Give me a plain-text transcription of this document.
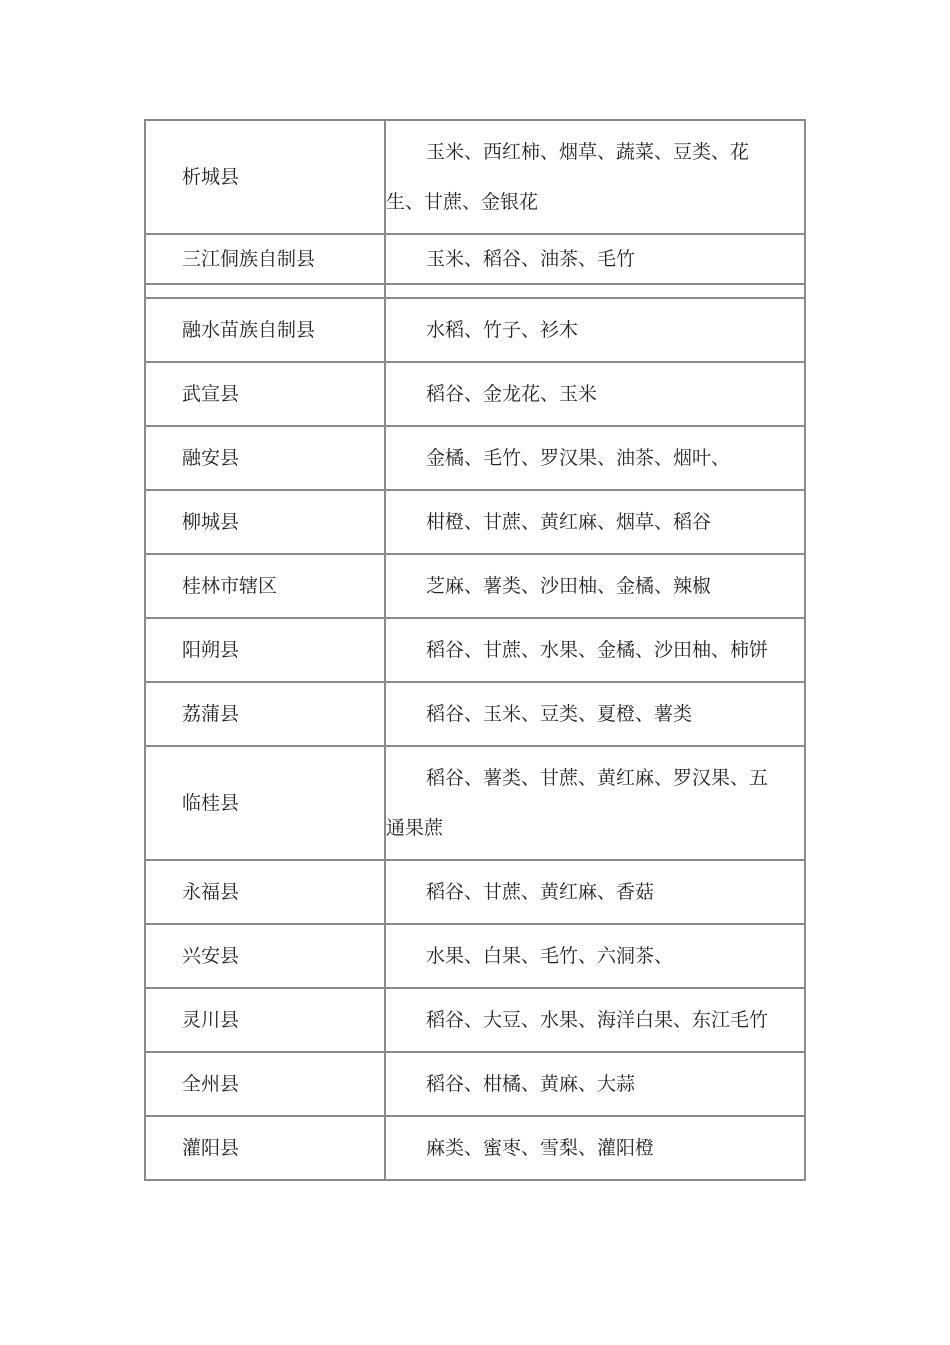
析城县	玉米、西红柿、烟草、蔬菜、豆类、花生、甘蔗、金银花

三江侗族自制县	玉米、稻谷、油茶、毛竹

融水苗族自制县	水稻、竹子、衫木

武宣县	稻谷、金龙花、玉米

融安县	金橘、毛竹、罗汉果、油茶、烟叶、

柳城县	柑橙、甘蔗、黄红麻、烟草、稻谷

桂林市辖区	芝麻、薯类、沙田柚、金橘、辣椒

阳朔县	稻谷、甘蔗、水果、金橘、沙田柚、柿饼

荔蒲县	稻谷、玉米、豆类、夏橙、薯类

临桂县	稻谷、薯类、甘蔗、黄红麻、罗汉果、五通果蔗

永福县	稻谷、甘蔗、黄红麻、香菇

兴安县	水果、白果、毛竹、六洞茶、

灵川县	稻谷、大豆、水果、海洋白果、东江毛竹

全州县	稻谷、柑橘、黄麻、大蒜

灌阳县	麻类、蜜枣、雪梨、灌阳橙
